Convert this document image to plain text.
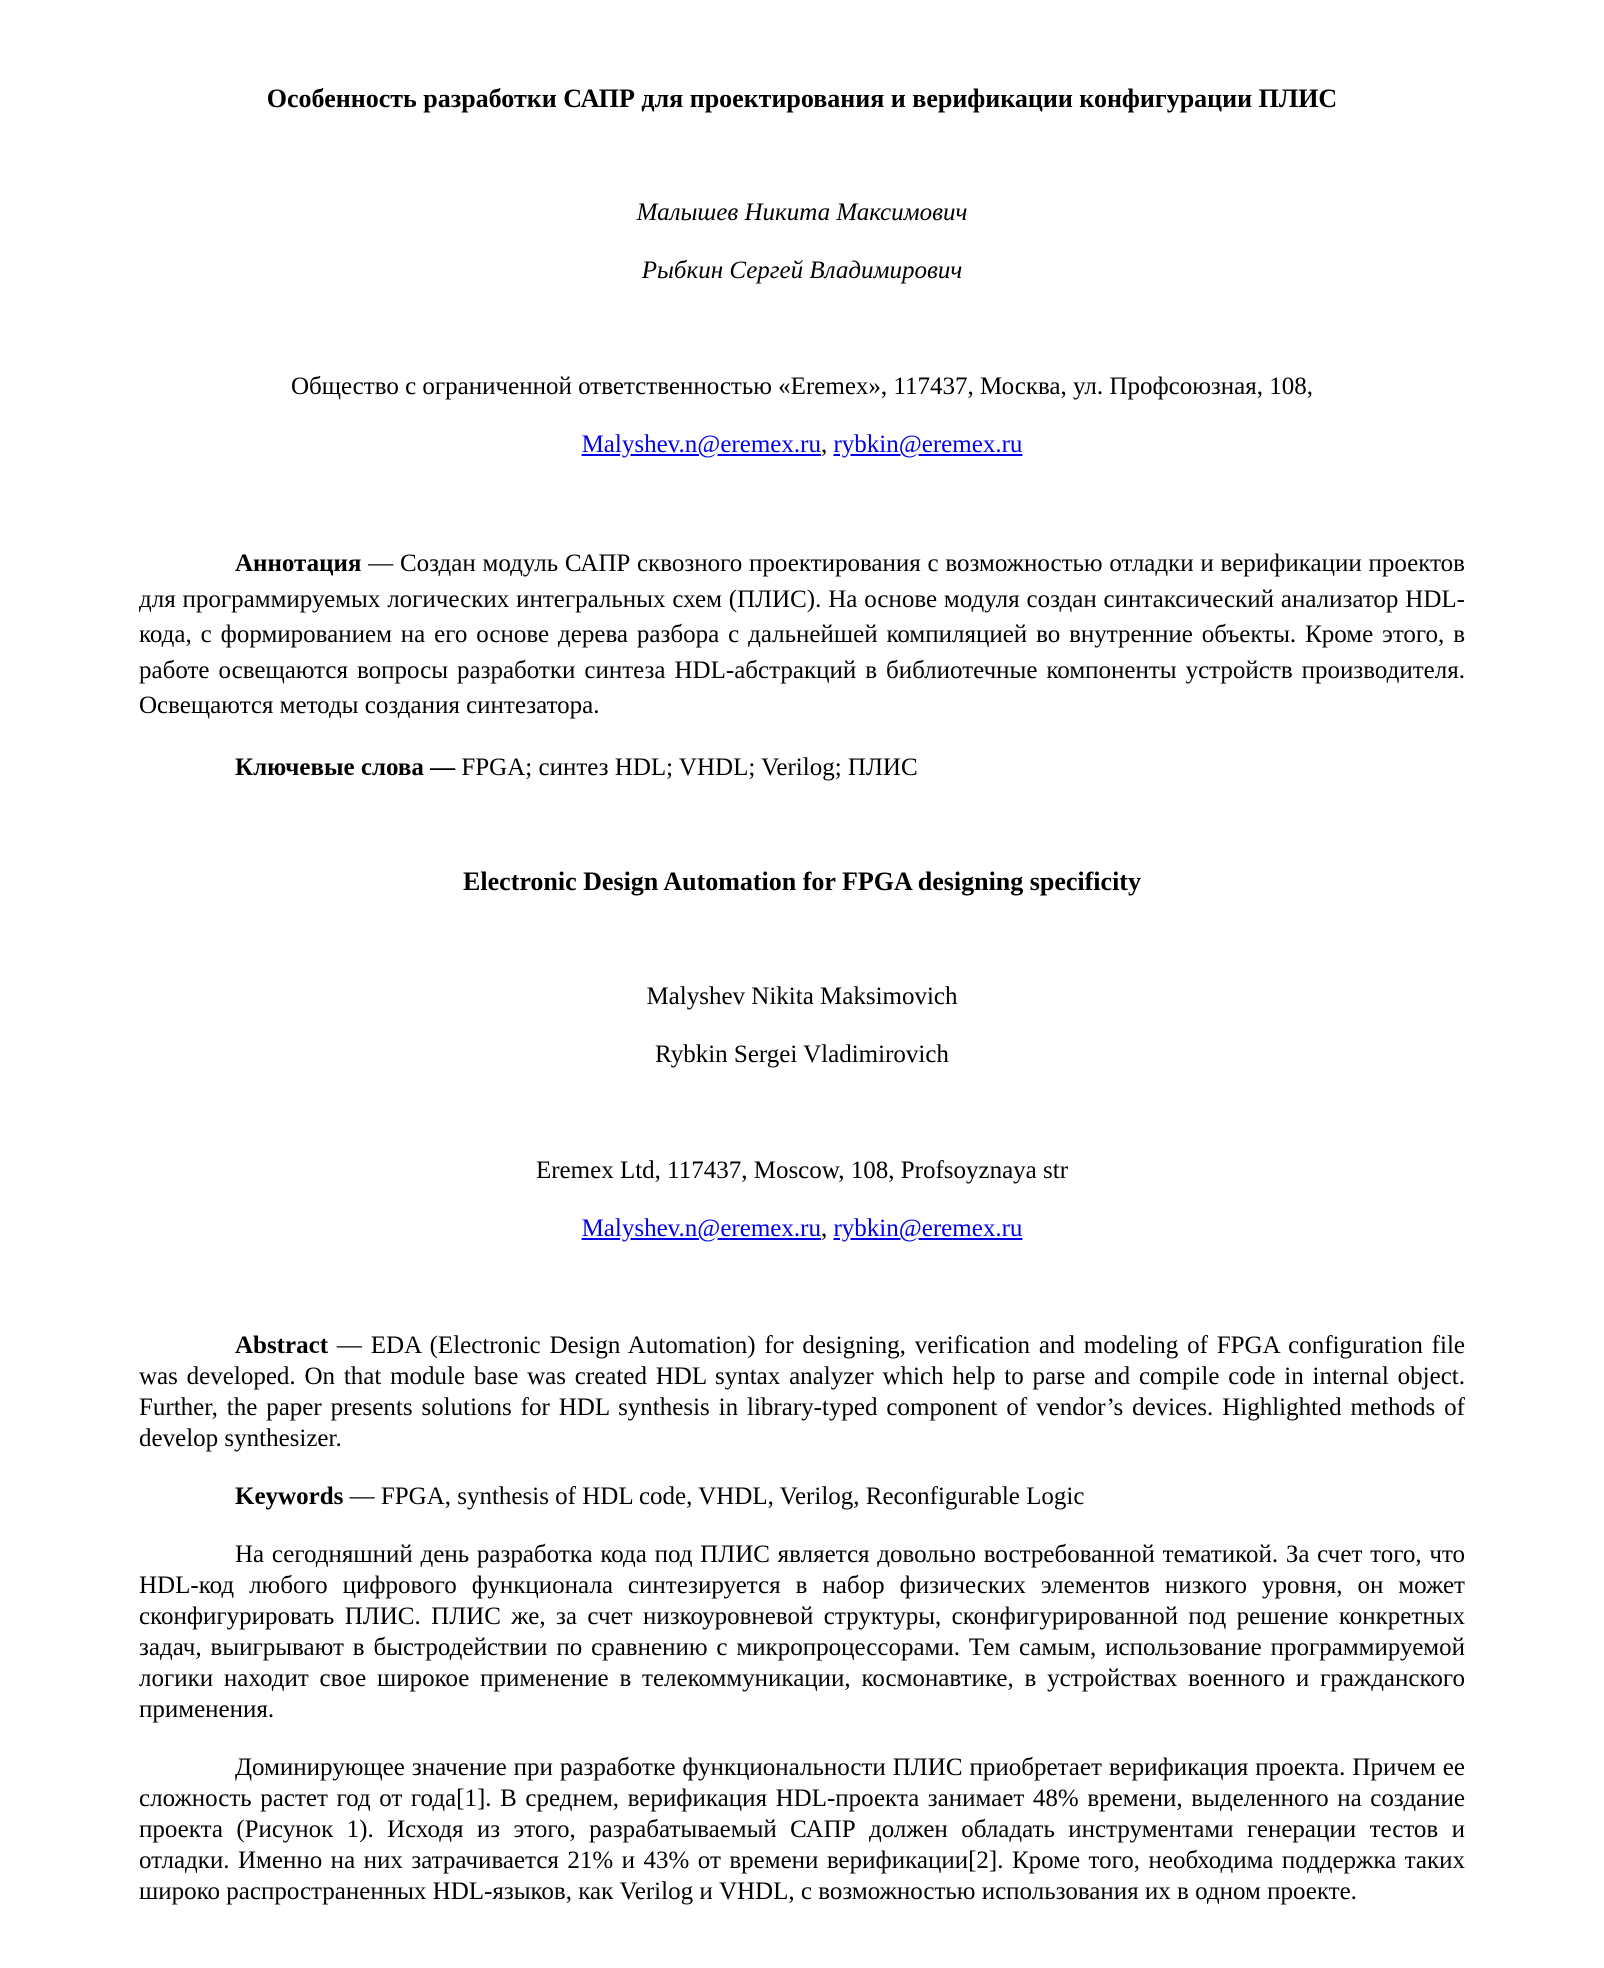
Особенность разработки САПР для проектирования и верификации конфигурации ПЛИС
Малышев Никита Максимович
Рыбкин Сергей Владимирович
Общество с ограниченной ответственностью «Eremex», 117437, Москва, ул. Профсоюзная, 108,
Malyshev.n@eremex.ru, rybkin@eremex.ru

Аннотация — Создан модуль САПР сквозного проектирования с возможностью отладки и верификации проектов для программируемых логических интегральных схем (ПЛИС). На основе модуля создан синтаксический анализатор HDL-кода, с формированием на его основе дерева разбора с дальнейшей компиляцией во внутренние объекты. Кроме этого, в работе освещаются вопросы разработки синтеза HDL-абстракций в библиотечные компоненты устройств производителя. Освещаются методы создания синтезатора.

Ключевые слова — FPGA; синтез HDL; VHDL; Verilog; ПЛИС

Electronic Design Automation for FPGA designing specificity
Malyshev Nikita Maksimovich
Rybkin Sergei Vladimirovich
Eremex Ltd, 117437, Moscow, 108, Profsoyznaya str
Malyshev.n@eremex.ru, rybkin@eremex.ru

Abstract — EDA (Electronic Design Automation) for designing, verification and modeling of FPGA configuration file was developed. On that module base was created HDL syntax analyzer which help to parse and compile code in internal object. Further, the paper presents solutions for HDL synthesis in library-typed component of vendor’s devices. Highlighted methods of develop synthesizer.

Keywords — FPGA, synthesis of HDL code, VHDL, Verilog, Reconfigurable Logic

На сегодняшний день разработка кода под ПЛИС является довольно востребованной тематикой. За счет того, что HDL-код любого цифрового функционала синтезируется в набор физических элементов низкого уровня, он может сконфигурировать ПЛИС. ПЛИС же, за счет низкоуровневой структуры, сконфигурированной под решение конкретных задач, выигрывают в быстродействии по сравнению с микропроцессорами. Тем самым, использование программируемой логики находит свое широкое применение в телекоммуникации, космонавтике, в устройствах военного и гражданского применения.

Доминирующее значение при разработке функциональности ПЛИС приобретает верификация проекта. Причем ее сложность растет год от года[1]. В среднем, верификация HDL-проекта занимает 48% времени, выделенного на создание проекта (Рисунок 1). Исходя из этого, разрабатываемый САПР должен обладать инструментами генерации тестов и отладки. Именно на них затрачивается 21% и 43% от времени верификации[2]. Кроме того, необходима поддержка таких широко распространенных HDL-языков, как Verilog и VHDL, с возможностью использования их в одном проекте.
